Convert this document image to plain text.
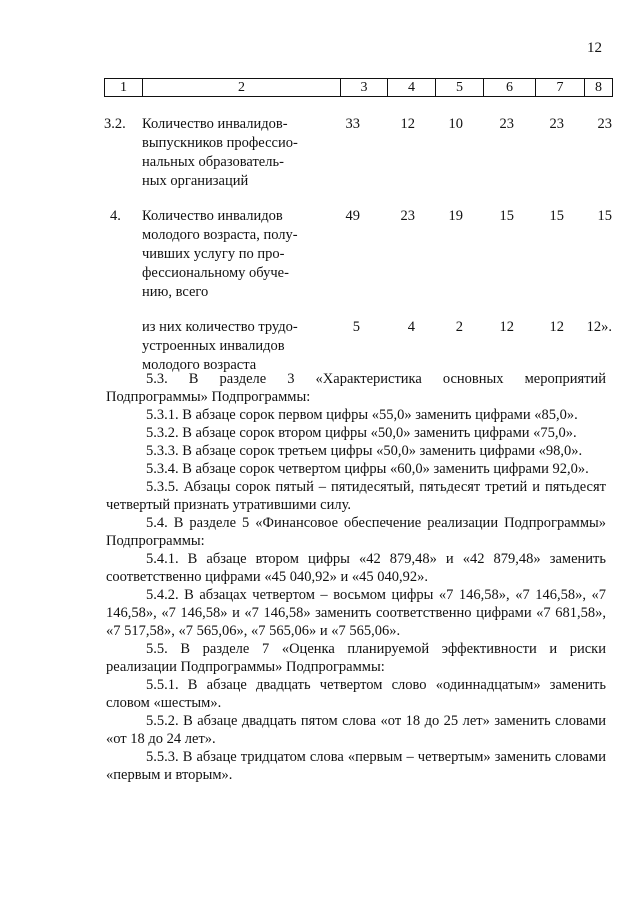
12
1	2	3	4	5	6	7	8
3.2.	Количество инвалидов-
выпускников профессио-
нальных образователь-
ных организаций
33	12	10	23	23	23
4.	Количество инвалидов
молодого возраста, полу-
чивших услугу по про-
фессиональному обуче-
нию, всего
49	23	19	15	15	15
из них количество трудо-
устроенных инвалидов
молодого возраста
5	4	2	12	12	12».

5.3. В разделе 3 «Характеристика основных мероприятий Подпрограммы» Подпрограммы:

5.3.1. В абзаце сорок первом цифры «55,0» заменить цифрами «85,0».

5.3.2. В абзаце сорок втором цифры «50,0» заменить цифрами «75,0».

5.3.3. В абзаце сорок третьем цифры «50,0» заменить цифрами «98,0».

5.3.4. В абзаце сорок четвертом цифры «60,0» заменить цифрами 92,0».

5.3.5. Абзацы сорок пятый – пятидесятый, пятьдесят третий и пятьдесят четвертый признать утратившими силу.

5.4. В разделе 5 «Финансовое обеспечение реализации Подпрограммы» Подпрограммы:

5.4.1. В абзаце втором цифры «42 879,48» и «42 879,48» заменить соответственно цифрами «45 040,92» и «45 040,92».

5.4.2. В абзацах четвертом – восьмом цифры «7 146,58», «7 146,58», «7 146,58», «7 146,58» и «7 146,58» заменить соответственно цифрами «7 681,58», «7 517,58», «7 565,06», «7 565,06» и «7 565,06».

5.5. В разделе 7 «Оценка планируемой эффективности и риски реализации Подпрограммы» Подпрограммы:

5.5.1. В абзаце двадцать четвертом слово «одиннадцатым» заменить словом «шестым».

5.5.2. В абзаце двадцать пятом слова «от 18 до 25 лет» заменить словами «от 18 до 24 лет».

5.5.3. В абзаце тридцатом слова «первым – четвертым» заменить словами «первым и вторым».
